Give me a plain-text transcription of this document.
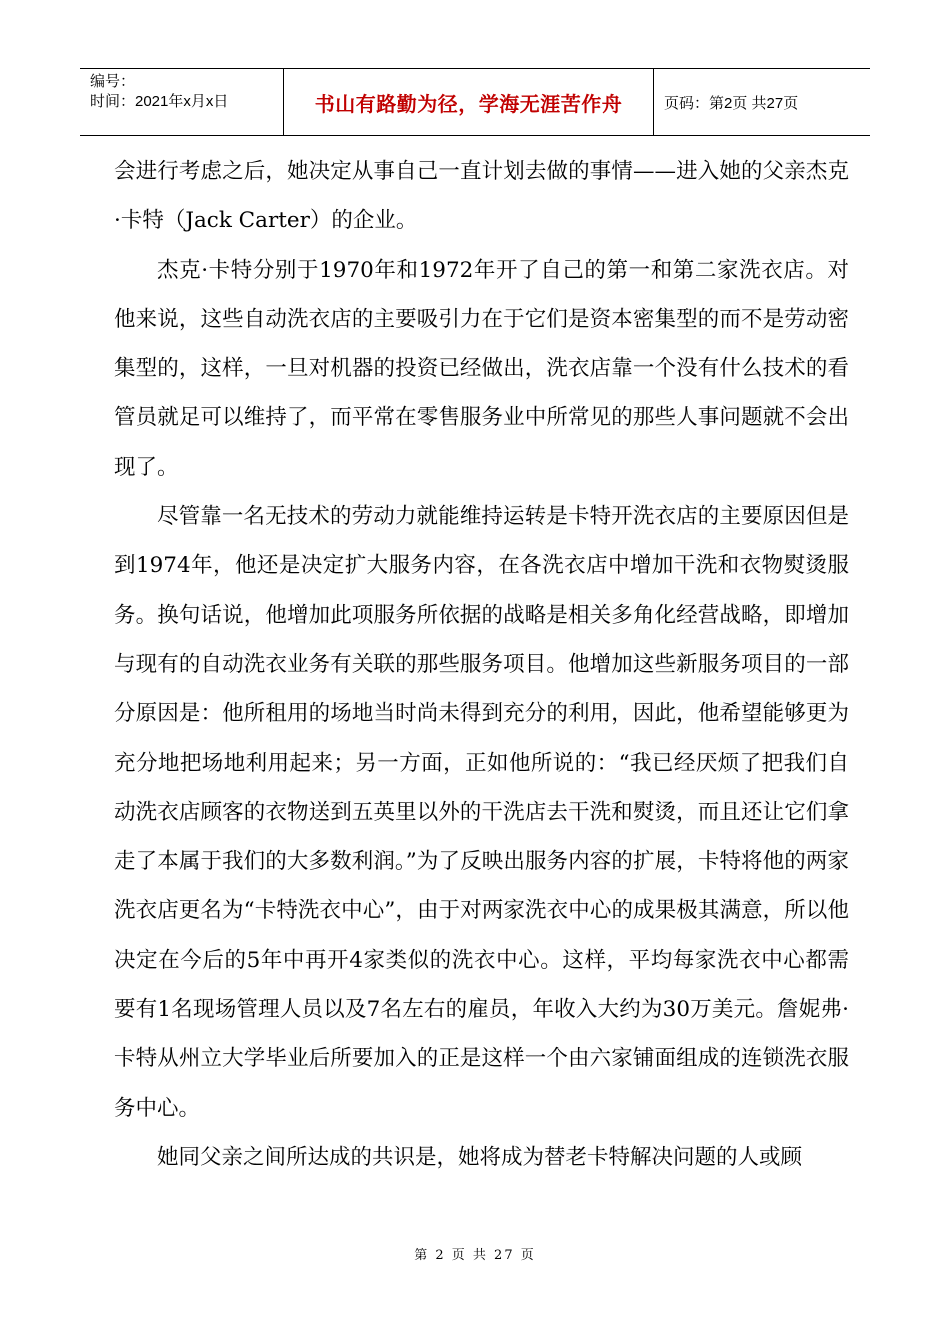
编号：
时间：2021年x月x日	书山有路勤为径，学海无涯苦作舟	页码：第2页 共27页

会进行考虑之后，她决定从事自己一直计划去做的事情——进入她的父亲杰克·卡特（Jack Carter）的企业。

杰克·卡特分别于1970年和1972年开了自己的第一和第二家洗衣店。对他来说，这些自动洗衣店的主要吸引力在于它们是资本密集型的而不是劳动密集型的，这样，一旦对机器的投资已经做出，洗衣店靠一个没有什么技术的看管员就足可以维持了，而平常在零售服务业中所常见的那些人事问题就不会出现了。

尽管靠一名无技术的劳动力就能维持运转是卡特开洗衣店的主要原因但是到1974年，他还是决定扩大服务内容，在各洗衣店中增加干洗和衣物熨烫服务。换句话说，他增加此项服务所依据的战略是相关多角化经营战略，即增加与现有的自动洗衣业务有关联的那些服务项目。他增加这些新服务项目的一部分原因是：他所租用的场地当时尚未得到充分的利用，因此，他希望能够更为充分地把场地利用起来；另一方面，正如他所说的：“我已经厌烦了把我们自动洗衣店顾客的衣物送到五英里以外的干洗店去干洗和熨烫，而且还让它们拿走了本属于我们的大多数利润。”为了反映出服务内容的扩展，卡特将他的两家洗衣店更名为“卡特洗衣中心”，由于对两家洗衣中心的成果极其满意，所以他决定在今后的5年中再开4家类似的洗衣中心。这样，平均每家洗衣中心都需要有1名现场管理人员以及7名左右的雇员，年收入大约为30万美元。詹妮弗·卡特从州立大学毕业后所要加入的正是这样一个由六家铺面组成的连锁洗衣服务中心。

她同父亲之间所达成的共识是，她将成为替老卡特解决问题的人或顾

第 2 页 共 27 页
